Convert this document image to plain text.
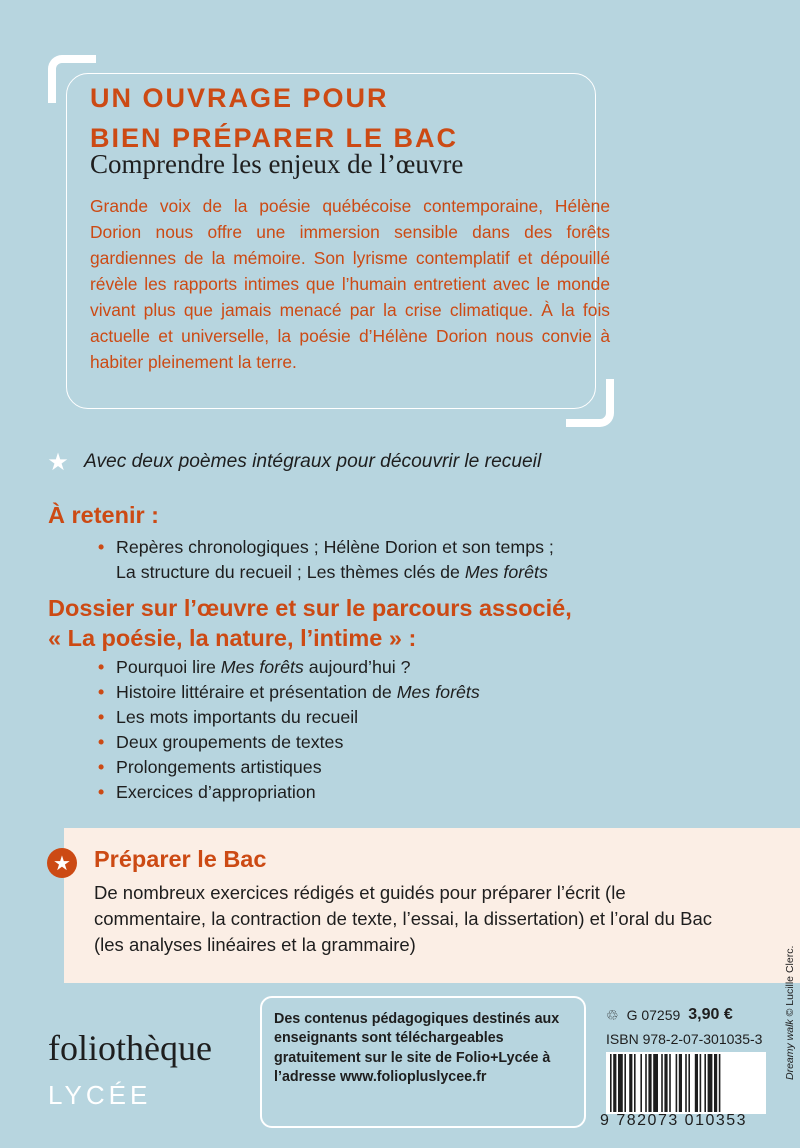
UN OUVRAGE POUR
BIEN PRÉPARER LE BAC

Comprendre les enjeux de l’œuvre

Grande voix de la poésie québécoise contemporaine, Hélène Dorion nous offre une immersion sensible dans des forêts gardiennes de la mémoire. Son lyrisme contemplatif et dépouillé révèle les rapports intimes que l’humain entretient avec le monde vivant plus que jamais menacé par la crise climatique. À la fois actuelle et universelle, la poésie d’Hélène Dorion nous convie à habiter pleinement la terre.

★ Avec deux poèmes intégraux pour découvrir le recueil

À retenir :
• Repères chronologiques ; Hélène Dorion et son temps ;
La structure du recueil ; Les thèmes clés de Mes forêts
Dossier sur l’œuvre et sur le parcours associé,
« La poésie, la nature, l’intime » :
• Pourquoi lire Mes forêts aujourd’hui ?
• Histoire littéraire et présentation de Mes forêts
• Les mots importants du recueil
• Deux groupements de textes
• Prolongements artistiques
• Exercices d’appropriation
★ Préparer le Bac

De nombreux exercices rédigés et guidés pour préparer l’écrit (le commentaire, la contraction de texte, l’essai, la dissertation) et l’oral du Bac (les analyses linéaires et la grammaire)

foliothèque

LYCÉE

Des contenus pédagogiques destinés aux enseignants sont téléchargeables gratuitement sur le site de Folio+Lycée à l’adresse www.foliopluslycee.fr

♲ G 07259 3,90 €

ISBN 978-2-07-301035-3

9 782073 010353

Dreamy walk © Lucille Clerc.
